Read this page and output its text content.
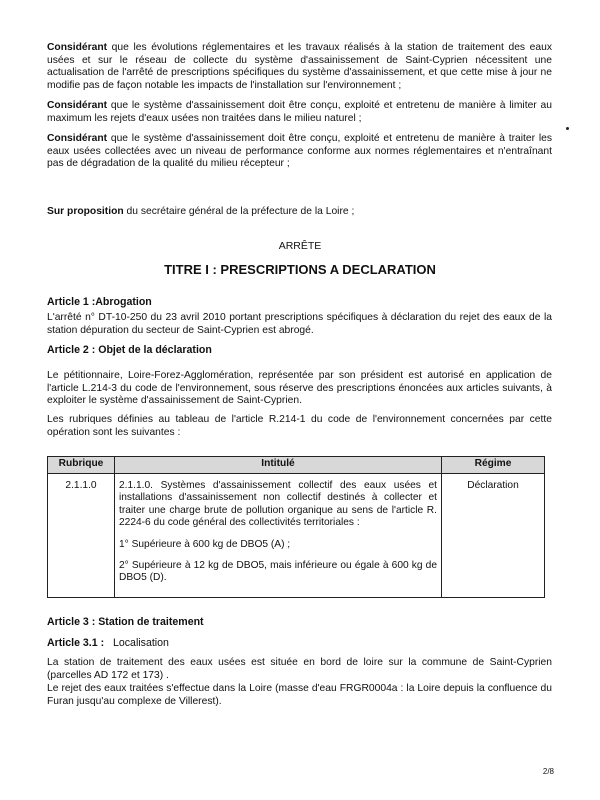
Considérant que les évolutions réglementaires et les travaux réalisés à la station de traitement des eaux usées et sur le réseau de collecte du système d'assainissement de Saint-Cyprien nécessitent une actualisation de l'arrêté de prescriptions spécifiques du système d'assainissement, et que cette mise à jour ne modifie pas de façon notable les impacts de l'installation sur l'environnement ;

Considérant que le système d'assainissement doit être conçu, exploité et entretenu de manière à limiter au maximum les rejets d'eaux usées non traitées dans le milieu naturel ;

Considérant que le système d'assainissement doit être conçu, exploité et entretenu de manière à traiter les eaux usées collectées avec un niveau de performance conforme aux normes réglementaires et n'entraînant pas de dégradation de la qualité du milieu récepteur ;

Sur proposition du secrétaire général de la préfecture de la Loire ;

ARRÊTE

TITRE I : PRESCRIPTIONS A DECLARATION

Article 1 :Abrogation

L'arrêté n° DT-10-250 du 23 avril 2010 portant prescriptions spécifiques à déclaration du rejet des eaux de la station dépuration du secteur de Saint-Cyprien est abrogé.

Article 2 : Objet de la déclaration

Le pétitionnaire, Loire-Forez-Agglomération, représentée par son président est autorisé en application de l'article L.214-3 du code de l'environnement, sous réserve des prescriptions énoncées aux articles suivants, à exploiter le système d'assainissement de Saint-Cyprien.

Les rubriques définies au tableau de l'article R.214-1 du code de l'environnement concernées par cette opération sont les suivantes :

Rubrique	Intitulé	Régime
2.1.1.0	2.1.1.0. Systèmes d'assainissement collectif des eaux usées et installations d'assainissement non collectif destinés à collecter et traiter une charge brute de pollution organique au sens de l'article R. 2224-6 du code général des collectivités territoriales :

1° Supérieure à 600 kg de DBO5 (A) ;

2° Supérieure à 12 kg de DBO5, mais inférieure ou égale à 600 kg de DBO5 (D).	Déclaration

Article 3 : Station de traitement

Article 3.1 : Localisation

La station de traitement des eaux usées est située en bord de loire sur la commune de Saint-Cyprien (parcelles AD 172 et 173) .

Le rejet des eaux traitées s'effectue dans la Loire (masse d'eau FRGR0004a : la Loire depuis la confluence du Furan jusqu'au complexe de Villerest).

2/8
